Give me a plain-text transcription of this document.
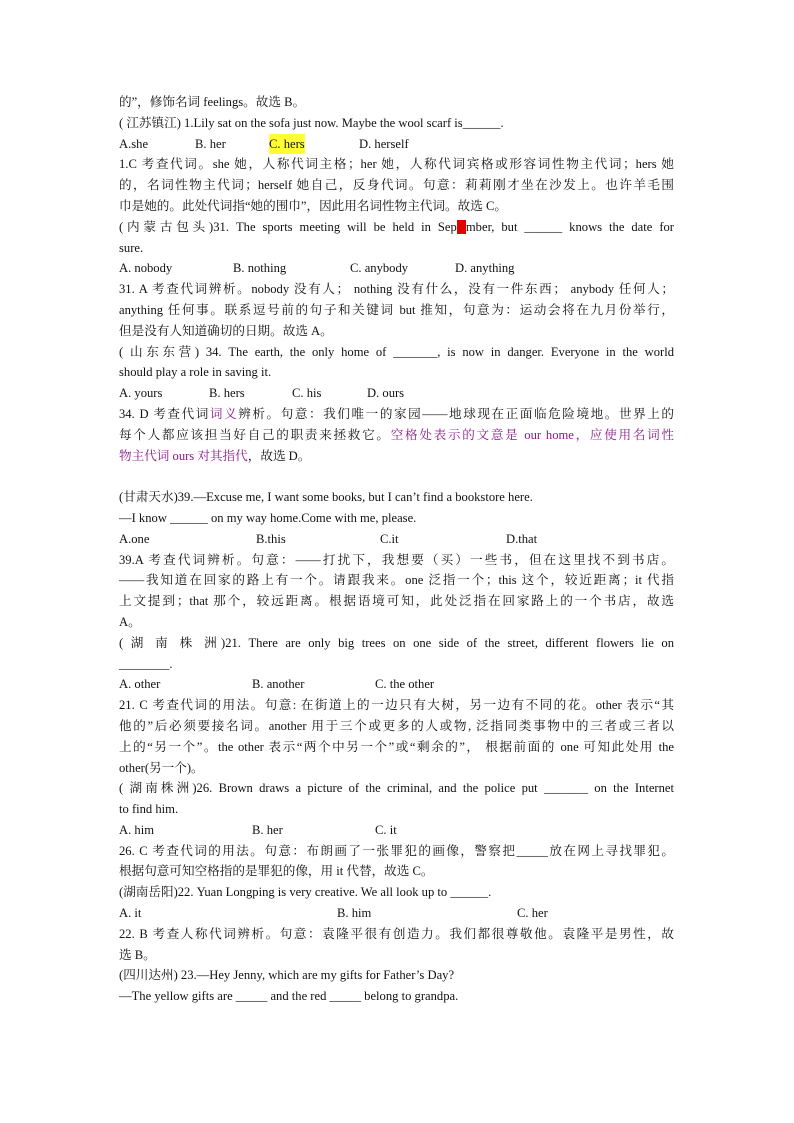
的”，修饰名词 feelings。故选 B。
( 江苏镇江) 1.Lily sat on the sofa just now. Maybe the wool scarf is______.
A.she	B. her	C. hers	D. herself
1.C 考查代词。she 她，人称代词主格；her 她，人称代词宾格或形容词性物主代词；hers 她
的，名词性物主代词；herself 她自己，反身代词。句意：莉莉刚才坐在沙发上。也许羊毛围
巾是她的。此处代词指“她的围巾”，因此用名词性物主代词。故选 C。
(内蒙古包头)31. The sports meeting will be held in September, but ______ knows the date for
sure.
A. nobody	B. nothing	C. anybody	D. anything
31. A 考查代词辨析。nobody 没有人； nothing 没有什么，没有一件东西； anybody 任何人；
anything 任何事。联系逗号前的句子和关键词 but 推知，句意为：运动会将在九月份举行，
但是没有人知道确切的日期。故选 A。
( 山东东营) 34. The earth, the only home of _______, is now in danger. Everyone in the world
should play a role in saving it.
A. yours	B. hers	C. his	D. ours
34. D 考查代词词义辨析。句意：我们唯一的家园——地球现在正面临危险境地。世界上的
每个人都应该担当好自己的职责来拯救它。空格处表示的文意是 our home，应使用名词性
物主代词 ours 对其指代，故选 D。
(甘肃天水)39.—Excuse me, I want some books, but I can’t find a bookstore here.
—I know ______ on my way home.Come with me, please.
A.one	B.this	C.it	D.that
39.A 考查代词辨析。句意：——打扰下，我想要（买）一些书，但在这里找不到书店。
——我知道在回家的路上有一个。请跟我来。one 泛指一个；this 这个，较近距离；it 代指
上文提到；that 那个，较远距离。根据语境可知，此处泛指在回家路上的一个书店，故选
A。
( 湖 南 株 洲)21. There are only big trees on one side of the street, different flowers lie on
________.
A. other	B. another	C. the other
21. C 考查代词的用法。句意: 在街道上的一边只有大树，另一边有不同的花。other 表示“其
他的”后必须要接名词。another 用于三个或更多的人或物, 泛指同类事物中的三者或三者以
上的“另一个”。the other 表示“两个中另一个”或“剩余的”， 根据前面的 one 可知此处用 the
other(另一个)。
( 湖南株洲)26. Brown draws a picture of the criminal, and the police put _______ on the Internet
to find him.
A. him	B. her	C. it
26. C 考查代词的用法。句意：布朗画了一张罪犯的画像，警察把_____放在网上寻找罪犯。
根据句意可知空格指的是罪犯的像，用 it 代替，故选 C。
(湖南岳阳)22. Yuan Longping is very creative. We all look up to ______.
A. it	B. him	C. her
22. B 考查人称代词辨析。句意：袁隆平很有创造力。我们都很尊敬他。袁隆平是男性，故
选 B。
(四川达州) 23.—Hey Jenny, which are my gifts for Father’s Day?
—The yellow gifts are _____ and the red _____ belong to grandpa.
